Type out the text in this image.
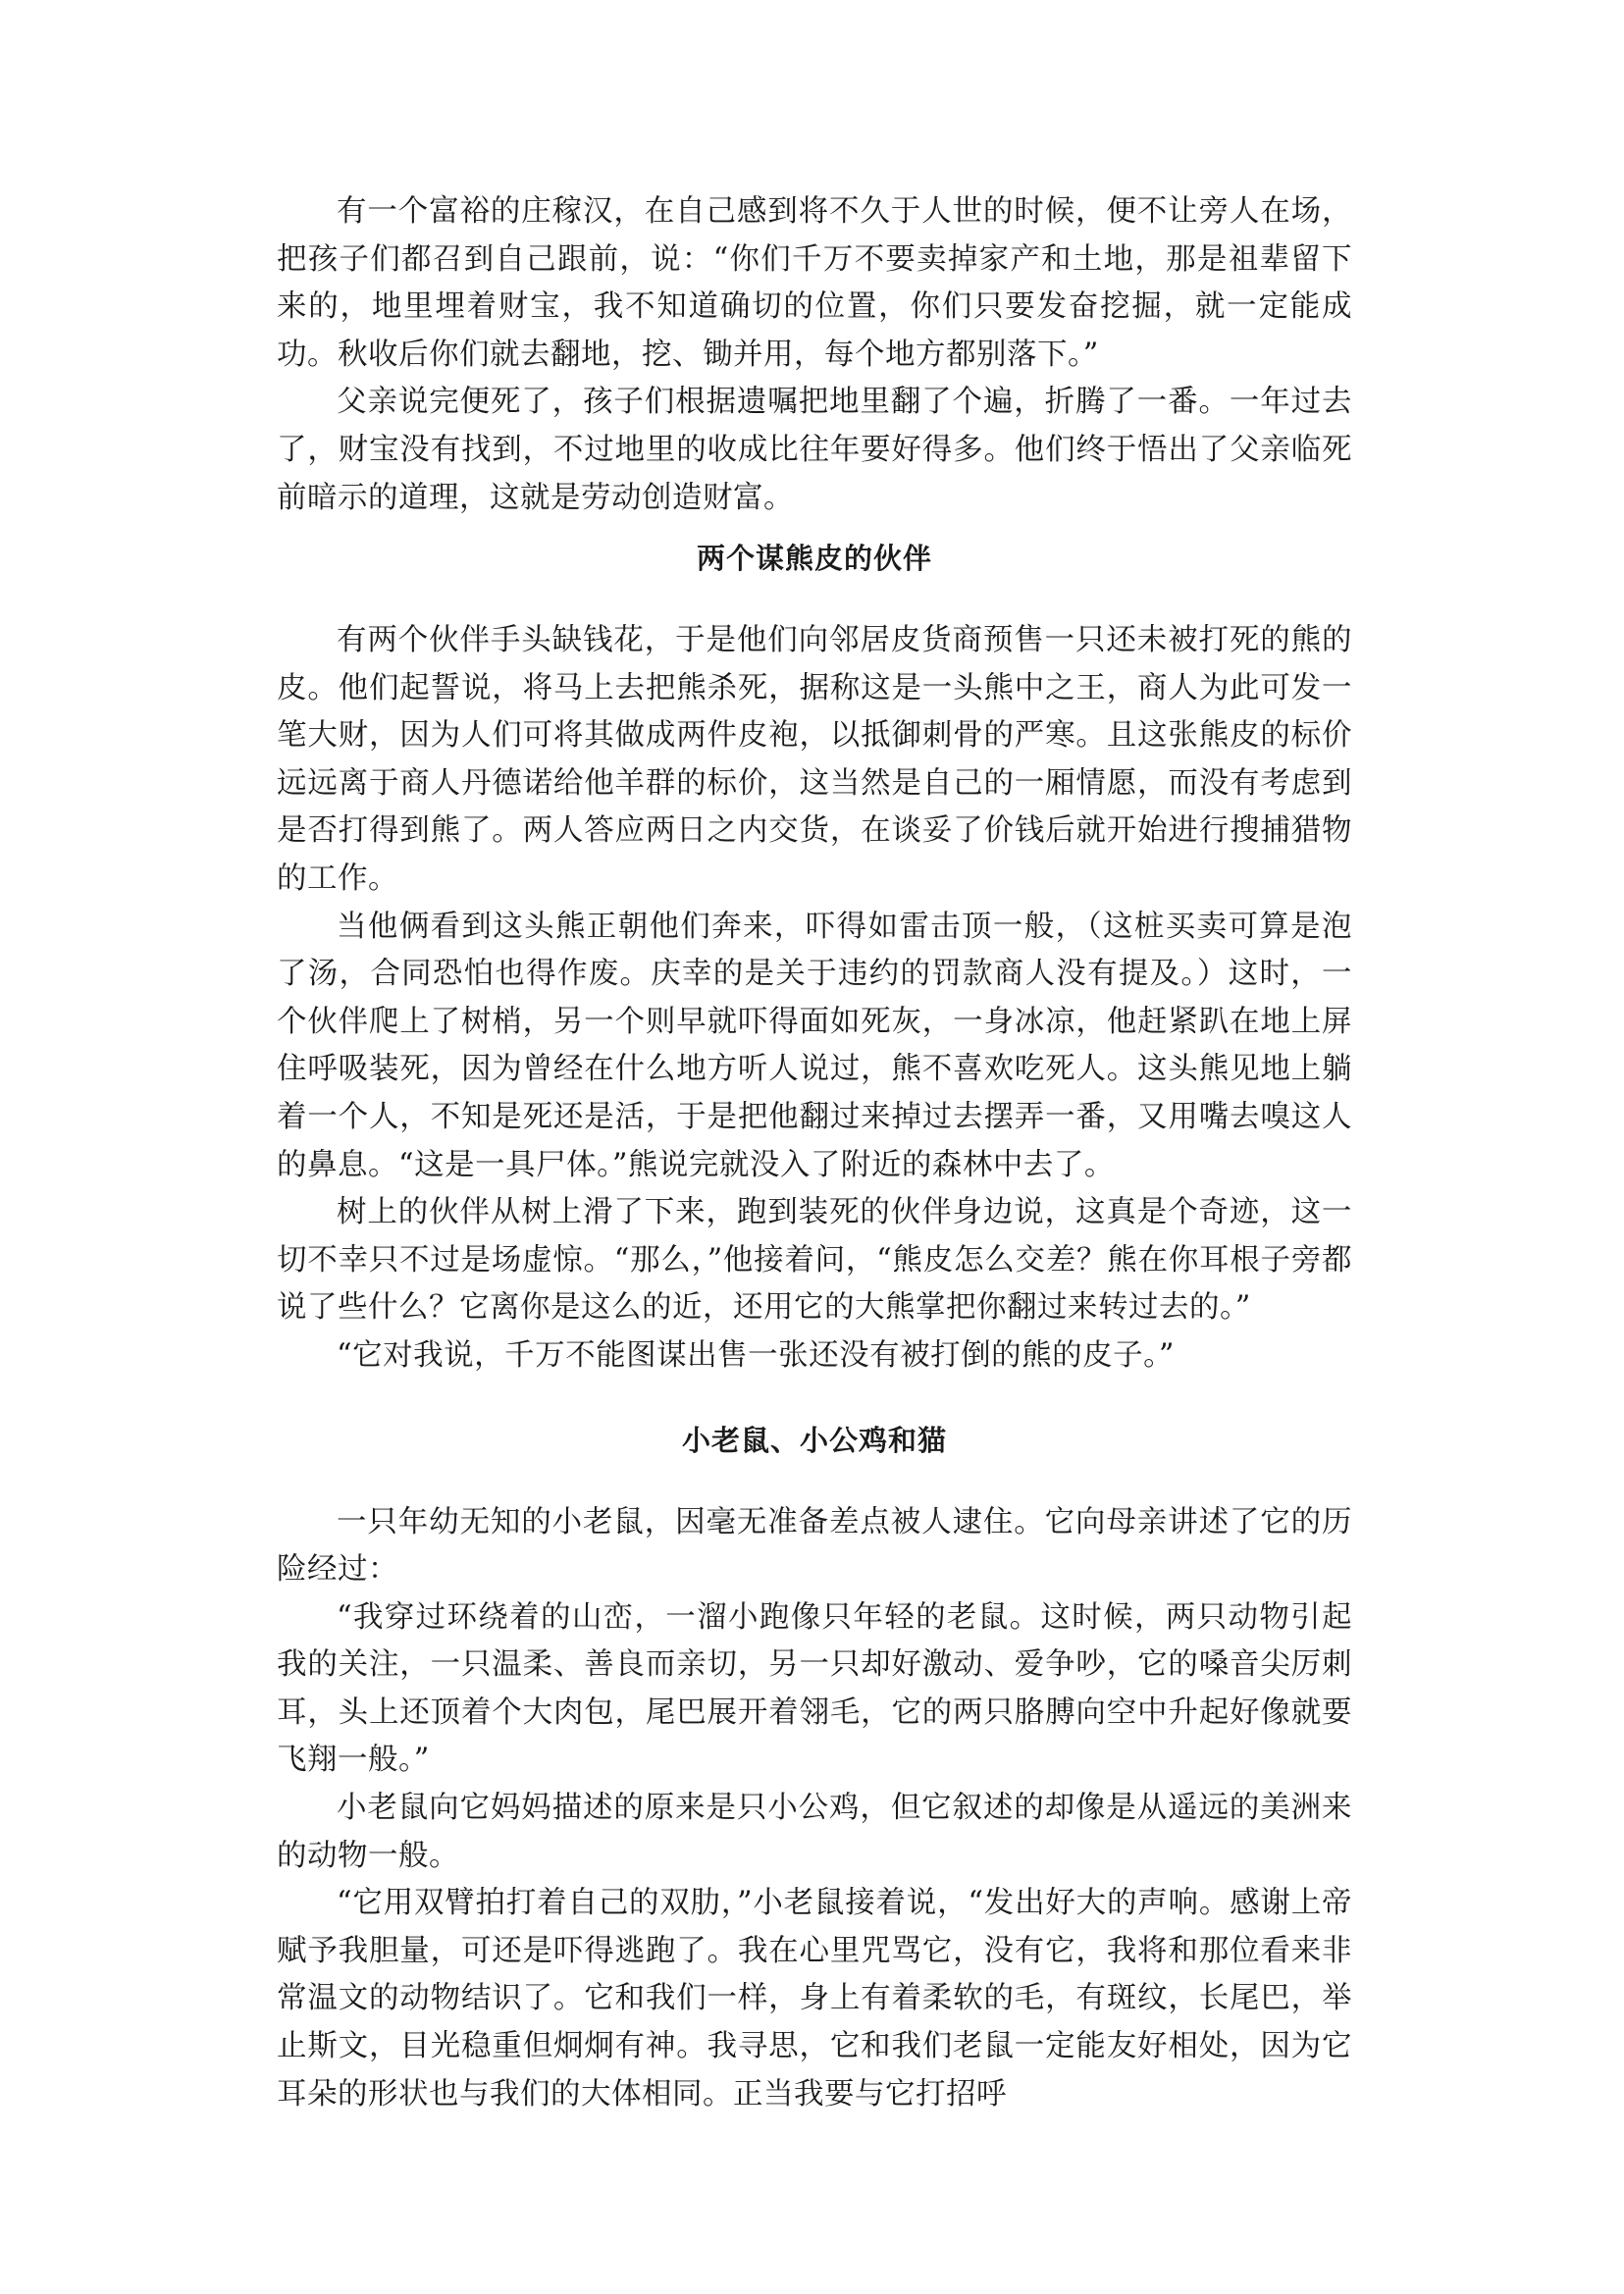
有一个富裕的庄稼汉，在自己感到将不久于人世的时候，便不让旁人在场，把孩子们都召到自己跟前，说：“你们千万不要卖掉家产和土地，那是祖辈留下来的，地里埋着财宝，我不知道确切的位置，你们只要发奋挖掘，就一定能成功。秋收后你们就去翻地，挖、锄并用，每个地方都别落下。”

父亲说完便死了，孩子们根据遗嘱把地里翻了个遍，折腾了一番。一年过去了，财宝没有找到，不过地里的收成比往年要好得多。他们终于悟出了父亲临死前暗示的道理，这就是劳动创造财富。

两个谋熊皮的伙伴

有两个伙伴手头缺钱花，于是他们向邻居皮货商预售一只还未被打死的熊的皮。他们起誓说，将马上去把熊杀死，据称这是一头熊中之王，商人为此可发一笔大财，因为人们可将其做成两件皮袍，以抵御刺骨的严寒。且这张熊皮的标价远远离于商人丹德诺给他羊群的标价，这当然是自己的一厢情愿，而没有考虑到是否打得到熊了。两人答应两日之内交货，在谈妥了价钱后就开始进行搜捕猎物的工作。

当他俩看到这头熊正朝他们奔来，吓得如雷击顶一般，（这桩买卖可算是泡了汤，合同恐怕也得作废。庆幸的是关于违约的罚款商人没有提及。）这时，一个伙伴爬上了树梢，另一个则早就吓得面如死灰，一身冰凉，他赶紧趴在地上屏住呼吸装死，因为曾经在什么地方听人说过，熊不喜欢吃死人。这头熊见地上躺着一个人，不知是死还是活，于是把他翻过来掉过去摆弄一番，又用嘴去嗅这人的鼻息。“这是一具尸体。”熊说完就没入了附近的森林中去了。

树上的伙伴从树上滑了下来，跑到装死的伙伴身边说，这真是个奇迹，这一切不幸只不过是场虚惊。“那么，”他接着问，“熊皮怎么交差？熊在你耳根子旁都说了些什么？它离你是这么的近，还用它的大熊掌把你翻过来转过去的。”

“它对我说，千万不能图谋出售一张还没有被打倒的熊的皮子。”

小老鼠、小公鸡和猫

一只年幼无知的小老鼠，因毫无准备差点被人逮住。它向母亲讲述了它的历险经过：

“我穿过环绕着的山峦，一溜小跑像只年轻的老鼠。这时候，两只动物引起我的关注，一只温柔、善良而亲切，另一只却好激动、爱争吵，它的嗓音尖厉刺耳，头上还顶着个大肉包，尾巴展开着翎毛，它的两只胳膊向空中升起好像就要飞翔一般。”

小老鼠向它妈妈描述的原来是只小公鸡，但它叙述的却像是从遥远的美洲来的动物一般。

“它用双臂拍打着自己的双肋，”小老鼠接着说，“发出好大的声响。感谢上帝赋予我胆量，可还是吓得逃跑了。我在心里咒骂它，没有它，我将和那位看来非常温文的动物结识了。它和我们一样，身上有着柔软的毛，有斑纹，长尾巴，举止斯文，目光稳重但炯炯有神。我寻思，它和我们老鼠一定能友好相处，因为它耳朵的形状也与我们的大体相同。正当我要与它打招呼
